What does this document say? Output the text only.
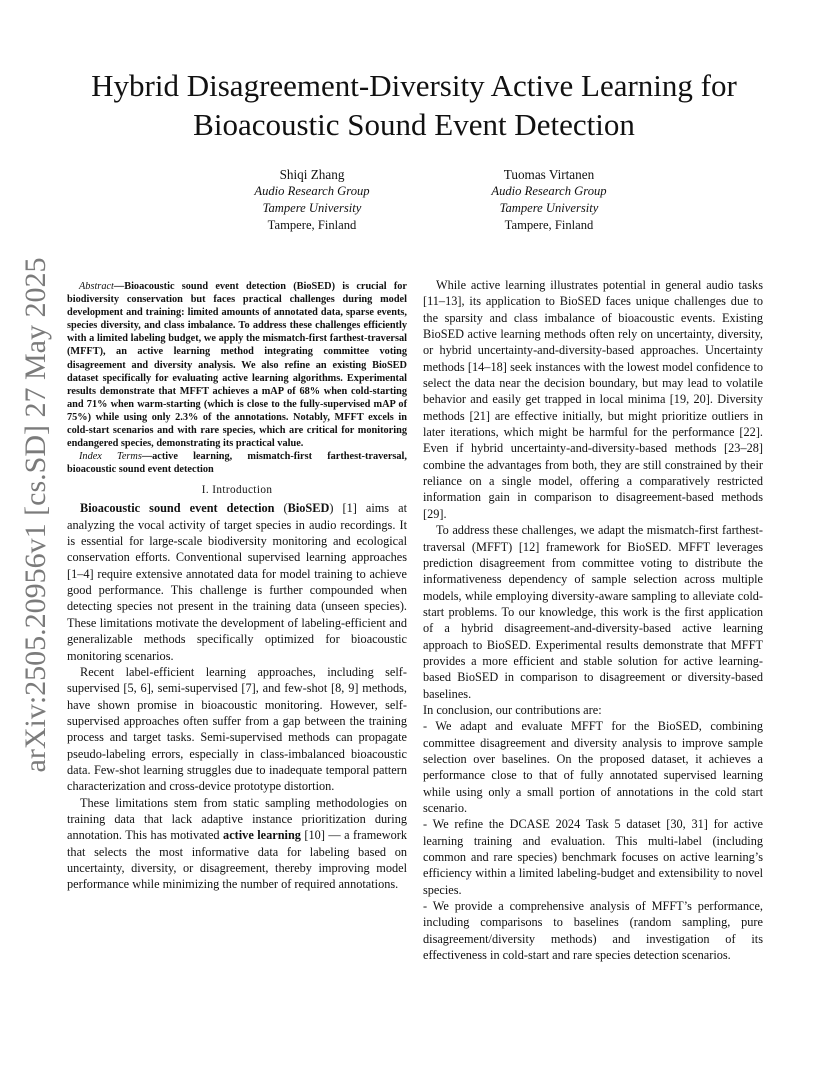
Hybrid Disagreement-Diversity Active Learning for Bioacoustic Sound Event Detection
Shiqi Zhang
Audio Research Group
Tampere University
Tampere, Finland
Tuomas Virtanen
Audio Research Group
Tampere University
Tampere, Finland
arXiv:2505.20956v1 [cs.SD] 27 May 2025	Abstract—Bioacoustic sound event detection (BioSED) is crucial for biodiversity conservation but faces practical challenges during model development and training: limited amounts of annotated data, sparse events, species diversity, and class imbalance. To address these challenges efficiently with a limited labeling budget, we apply the mismatch-first farthest-traversal (MFFT), an active learning method integrating committee voting disagreement and diversity analysis. We also refine an existing BioSED dataset specifically for evaluating active learning algorithms. Experimental results demonstrate that MFFT achieves a mAP of 68% when cold-starting and 71% when warm-starting (which is close to the fully-supervised mAP of 75%) while using only 2.3% of the annotations. Notably, MFFT excels in cold-start scenarios and with rare species, which are critical for monitoring endangered species, demonstrating its practical value.

Index Terms—active learning, mismatch-first farthest-traversal, bioacoustic sound event detection

I. Introduction

Bioacoustic sound event detection (BioSED) [1] aims at analyzing the vocal activity of target species in audio recordings. It is essential for large-scale biodiversity monitoring and ecological conservation efforts. Conventional supervised learning approaches [1–4] require extensive annotated data for model training to achieve good performance. This challenge is further compounded when detecting species not present in the training data (unseen species). These limitations motivate the development of labeling-efficient and generalizable methods specifically optimized for bioacoustic monitoring scenarios.

Recent label-efficient learning approaches, including self-supervised [5, 6], semi-supervised [7], and few-shot [8, 9] methods, have shown promise in bioacoustic monitoring. However, self-supervised approaches often suffer from a gap between the training process and target tasks. Semi-supervised methods can propagate pseudo-labeling errors, especially in class-imbalanced bioacoustic data. Few-shot learning struggles due to inadequate temporal pattern characterization and cross-device prototype distortion.

These limitations stem from static sampling methodologies on training data that lack adaptive instance prioritization during annotation. This has motivated active learning [10] — a framework that selects the most informative data for labeling based on uncertainty, diversity, or disagreement, thereby improving model performance while minimizing the number of required annotations.

While active learning illustrates potential in general audio tasks [11–13], its application to BioSED faces unique challenges due to the sparsity and class imbalance of bioacoustic events. Existing BioSED active learning methods often rely on uncertainty, diversity, or hybrid uncertainty-and-diversity-based approaches. Uncertainty methods [14–18] seek instances with the lowest model confidence to select the data near the decision boundary, but may lead to volatile behavior and easily get trapped in local minima [19, 20]. Diversity methods [21] are effective initially, but might prioritize outliers in later iterations, which might be harmful for the performance [22]. Even if hybrid uncertainty-and-diversity-based methods [23–28] combine the advantages from both, they are still constrained by their reliance on a single model, offering a comparatively restricted information gain in comparison to disagreement-based methods [29].

To address these challenges, we adapt the mismatch-first farthest-traversal (MFFT) [12] framework for BioSED. MFFT leverages prediction disagreement from committee voting to distribute the informativeness dependency of sample selection across multiple models, while employing diversity-aware sampling to alleviate cold-start problems. To our knowledge, this work is the first application of a hybrid disagreement-and-diversity-based active learning approach to BioSED. Experimental results demonstrate that MFFT provides a more efficient and stable solution for active learning-based BioSED in comparison to disagreement or diversity-based baselines.

In conclusion, our contributions are:

- We adapt and evaluate MFFT for the BioSED, combining committee disagreement and diversity analysis to improve sample selection over baselines. On the proposed dataset, it achieves a performance close to that of fully annotated supervised learning while using only a small portion of annotations in the cold start scenario.

- We refine the DCASE 2024 Task 5 dataset [30, 31] for active learning training and evaluation. This multi-label (including common and rare species) benchmark focuses on active learning’s efficiency within a limited labeling-budget and extensibility to novel species.

- We provide a comprehensive analysis of MFFT’s performance, including comparisons to baselines (random sampling, pure disagreement/diversity methods) and investigation of its effectiveness in cold-start and rare species detection scenarios.
